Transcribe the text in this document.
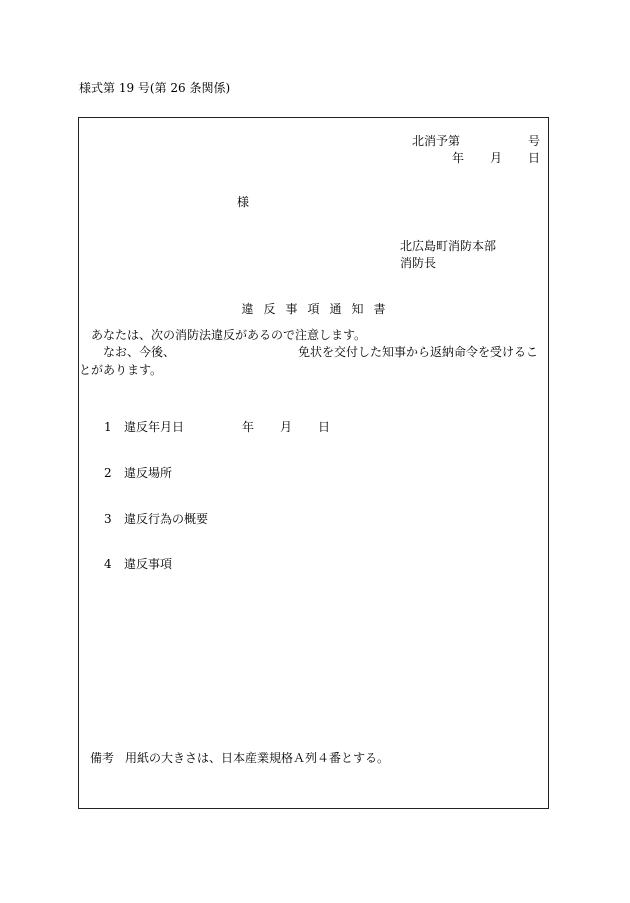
様式第 19 号(第 26 条関係)
北消予第	号
年 月 日
様
北広島町消防本部
消防長
違反事項通知書

あなたは、次の消防法違反があるので注意します。

なお、今後、	免状を交付した知事から返納命令を受けることがあります。

1 違反年月日	年 月 日
2 違反場所
3 違反行為の概要
4 違反事項
備考 用紙の大きさは、日本産業規格Ａ列４番とする。
